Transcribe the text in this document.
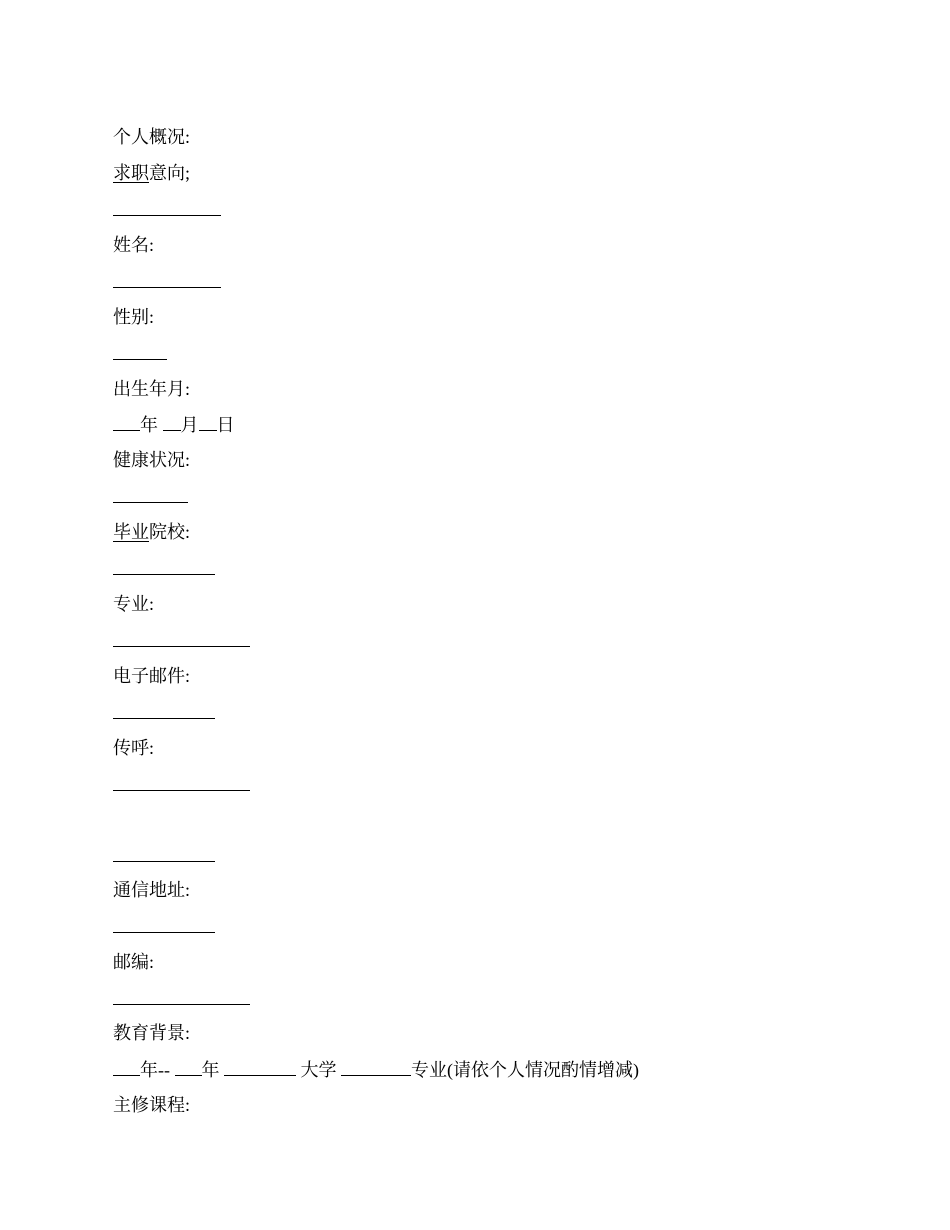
个人概况:
求职意向;
姓名:
性别:
出生年月:
年 月 日
健康状况:
毕业院校:
专业:
电子邮件:
传呼:
通信地址:
邮编:
教育背景:
年-- 年	大学	专业(请依个人情况酌情增减)
主修课程:
